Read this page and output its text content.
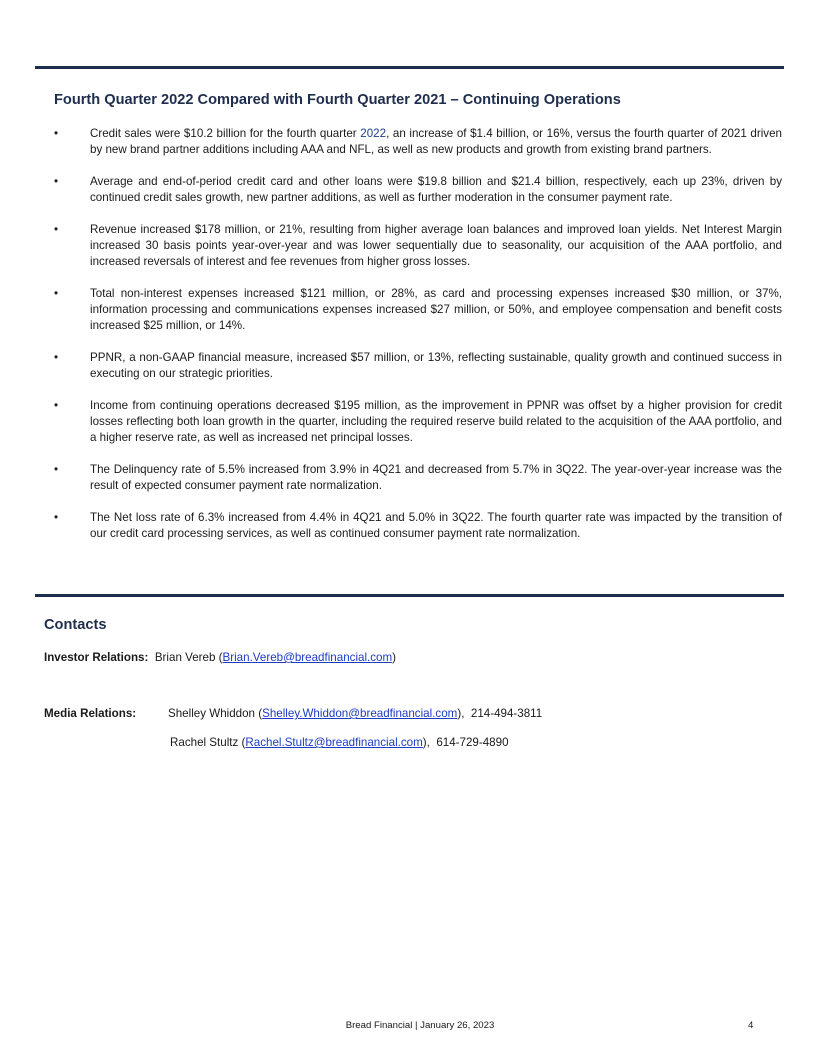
Fourth Quarter 2022 Compared with Fourth Quarter 2021 – Continuing Operations
•	Credit sales were $10.2 billion for the fourth quarter 2022, an increase of $1.4 billion, or 16%, versus the fourth quarter of 2021 driven by new brand partner additions including AAA and NFL, as well as new products and growth from existing brand partners.
•	Average and end-of-period credit card and other loans were $19.8 billion and $21.4 billion, respectively, each up 23%, driven by continued credit sales growth, new partner additions, as well as further moderation in the consumer payment rate.
•	Revenue increased $178 million, or 21%, resulting from higher average loan balances and improved loan yields. Net Interest Margin increased 30 basis points year-over-year and was lower sequentially due to seasonality, our acquisition of the AAA portfolio, and increased reversals of interest and fee revenues from higher gross losses.
•	Total non-interest expenses increased $121 million, or 28%, as card and processing expenses increased $30 million, or 37%, information processing and communications expenses increased $27 million, or 50%, and employee compensation and benefit costs increased $25 million, or 14%.
•	PPNR, a non-GAAP financial measure, increased $57 million, or 13%, reflecting sustainable, quality growth and continued success in executing on our strategic priorities.
•	Income from continuing operations decreased $195 million, as the improvement in PPNR was offset by a higher provision for credit losses reflecting both loan growth in the quarter, including the required reserve build related to the acquisition of the AAA portfolio, and a higher reserve rate, as well as increased net principal losses.
•	The Delinquency rate of 5.5% increased from 3.9% in 4Q21 and decreased from 5.7% in 3Q22. The year-over-year increase was the result of expected consumer payment rate normalization.
•	The Net loss rate of 6.3% increased from 4.4% in 4Q21 and 5.0% in 3Q22. The fourth quarter rate was impacted by the transition of our credit card processing services, as well as continued consumer payment rate normalization.
Contacts
Investor Relations: Brian Vereb (Brian.Vereb@breadfinancial.com)
Media Relations:	Shelley Whiddon (Shelley.Whiddon@breadfinancial.com), 214-494-3811
Rachel Stultz (Rachel.Stultz@breadfinancial.com), 614-729-4890
Bread Financial | January 26, 2023	4
